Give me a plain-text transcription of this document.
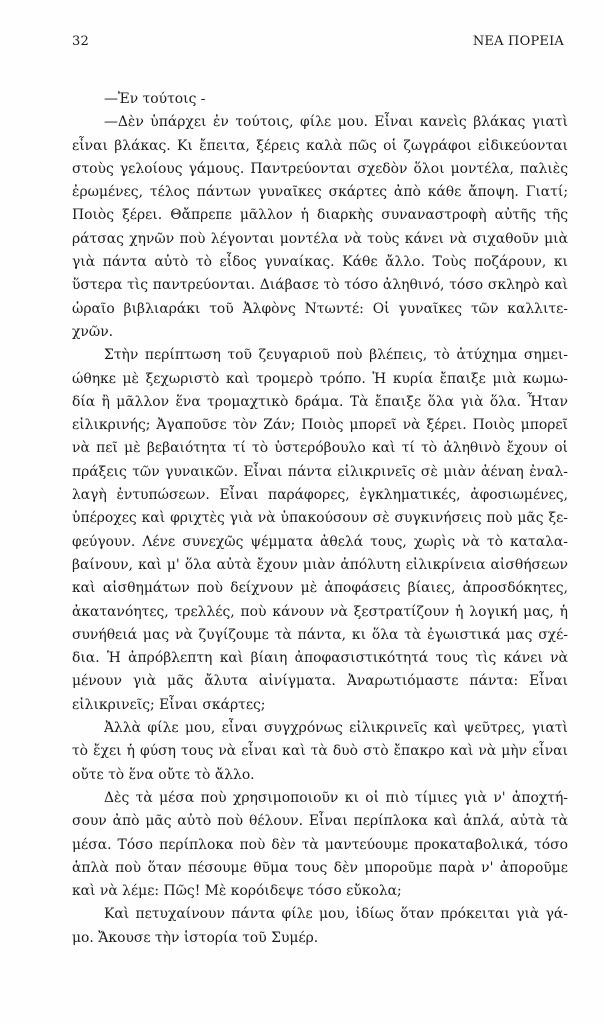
32	ΝΕΑ ΠΟΡΕΙΑ
—Ἐν τούτοις -
—Δὲν ὑπάρχει ἐν τούτοις, φίλε μου. Εἶναι κανεὶς βλάκας γιατὶ
εἶναι βλάκας. Κι ἔπειτα, ξέρεις καλὰ πῶς οἱ ζωγράφοι εἰδικεύονται
στοὺς γελοίους γάμους. Παντρεύονται σχεδὸν ὅλοι μοντέλα, παλιὲς
ἐρωμένες, τέλος πάντων γυναῖκες σκάρτες ἀπὸ κάθε ἄποψη. Γιατί;
Ποιὸς ξέρει. Θἄπρεπε μᾶλλον ἡ διαρκὴς συναναστροφὴ αὐτῆς τῆς
ράτσας χηνῶν ποὺ λέγονται μοντέλα νὰ τοὺς κάνει νὰ σιχαθοῦν μιὰ
γιὰ πάντα αὐτὸ τὸ εἶδος γυναίκας. Κάθε ἄλλο. Τοὺς ποζάρουν, κι
ὕστερα τὶς παντρεύονται. Διάβασε τὸ τόσο ἀληθινό, τόσο σκληρὸ καὶ
ὡραῖο βιβλιαράκι τοῦ Ἀλφὸνς Ντωντέ: Οἱ γυναῖκες τῶν καλλιτε-
χνῶν.
Στὴν περίπτωση τοῦ ζευγαριοῦ ποὺ βλέπεις, τὸ ἀτύχημα σημει-
ώθηκε μὲ ξεχωριστὸ καὶ τρομερὸ τρόπο. Ἡ κυρία ἔπαιξε μιὰ κωμω-
δία ἢ μᾶλλον ἕνα τρομαχτικὸ δράμα. Τὰ ἔπαιξε ὅλα γιὰ ὅλα. Ἦταν
εἰλικρινής; Ἀγαποῦσε τὸν Ζάν; Ποιὸς μπορεῖ νὰ ξέρει. Ποιὸς μπορεῖ
νὰ πεῖ μὲ βεβαιότητα τί τὸ ὑστερόβουλο καὶ τί τὸ ἀληθινὸ ἔχουν οἱ
πράξεις τῶν γυναικῶν. Εἶναι πάντα εἰλικρινεῖς σὲ μιὰν ἀέναη ἐναλ-
λαγὴ ἐντυπώσεων. Εἶναι παράφορες, ἐγκληματικές, ἀφοσιωμένες,
ὑπέροχες καὶ φριχτὲς γιὰ νὰ ὑπακούσουν σὲ συγκινήσεις ποὺ μᾶς ξε-
φεύγουν. Λένε συνεχῶς ψέμματα ἀθελά τους, χωρὶς νὰ τὸ καταλα-
βαίνουν, καὶ μ' ὅλα αὐτὰ ἔχουν μιὰν ἀπόλυτη εἰλικρίνεια αἰσθήσεων
καὶ αἰσθημάτων ποὺ δείχνουν μὲ ἀποφάσεις βίαιες, ἀπροσδόκητες,
ἀκατανόητες, τρελλές, ποὺ κάνουν νὰ ξεστρατίζουν ἡ λογική μας, ἡ
συνήθειά μας νὰ ζυγίζουμε τὰ πάντα, κι ὅλα τὰ ἐγωιστικά μας σχέ-
δια. Ἡ ἀπρόβλεπτη καὶ βίαιη ἀποφασιστικότητά τους τὶς κάνει νὰ
μένουν γιὰ μᾶς ἄλυτα αἰνίγματα. Ἀναρωτιόμαστε πάντα: Εἶναι
εἰλικρινεῖς; Εἶναι σκάρτες;
Ἀλλὰ φίλε μου, εἶναι συγχρόνως εἰλικρινεῖς καὶ ψεῦτρες, γιατὶ
τὸ ἔχει ἡ φύση τους νὰ εἶναι καὶ τὰ δυὸ στὸ ἔπακρο καὶ νὰ μὴν εἶναι
οὔτε τὸ ἕνα οὔτε τὸ ἄλλο.
Δὲς τὰ μέσα ποὺ χρησιμοποιοῦν κι οἱ πιὸ τίμιες γιὰ ν' ἀποχτή-
σουν ἀπὸ μᾶς αὐτὸ ποὺ θέλουν. Εἶναι περίπλοκα καὶ ἁπλά, αὐτὰ τὰ
μέσα. Τόσο περίπλοκα ποὺ δὲν τὰ μαντεύουμε προκαταβολικά, τόσο
ἁπλὰ ποὺ ὅταν πέσουμε θῦμα τους δὲν μποροῦμε παρὰ ν' ἀποροῦμε
καὶ νὰ λέμε: Πῶς! Μὲ κορόιδεψε τόσο εὔκολα;
Καὶ πετυχαίνουν πάντα φίλε μου, ἰδίως ὅταν πρόκειται γιὰ γά-
μο. Ἄκουσε τὴν ἱστορία τοῦ Συμέρ.
